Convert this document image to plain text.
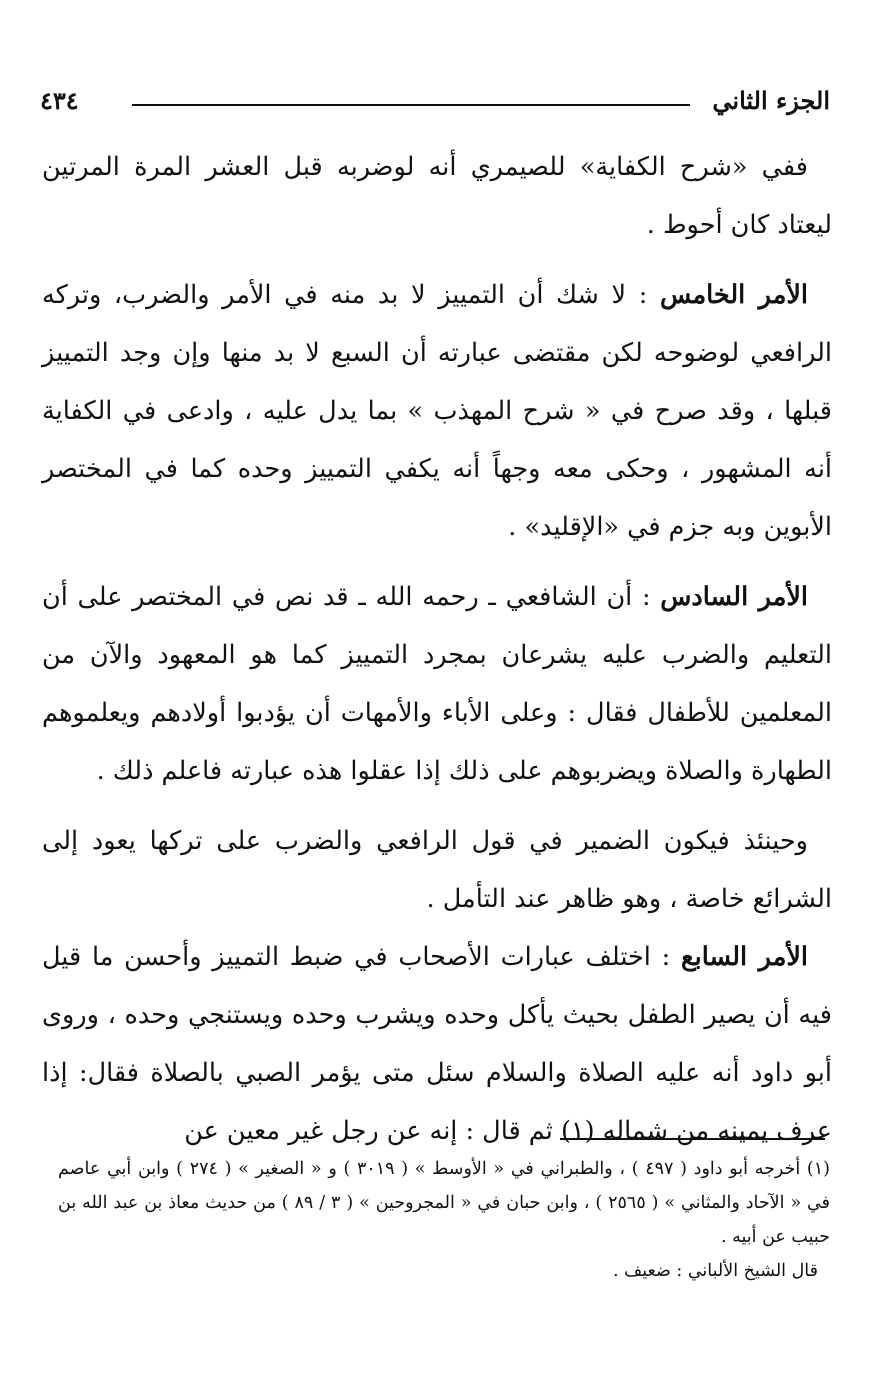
الجزء الثاني
٤٣٤

ففي «شرح الكفاية» للصيمري أنه لوضربه قبل العشر المرة المرتين ليعتاد كان أحوط .

الأمر الخامس : لا شك أن التمييز لا بد منه في الأمر والضرب، وتركه الرافعي لوضوحه لكن مقتضى عبارته أن السبع لا بد منها وإن وجد التمييز قبلها ، وقد صرح في « شرح المهذب » بما يدل عليه ، وادعى في الكفاية أنه المشهور ، وحكى معه وجهاً أنه يكفي التمييز وحده كما في المختصر الأبوين وبه جزم في «الإقليد» .

الأمر السادس : أن الشافعي ـ رحمه الله ـ قد نص في المختصر على أن التعليم والضرب عليه يشرعان بمجرد التمييز كما هو المعهود والآن من المعلمين للأطفال فقال : وعلى الأباء والأمهات أن يؤدبوا أولادهم ويعلموهم الطهارة والصلاة ويضربوهم على ذلك إذا عقلوا هذه عبارته فاعلم ذلك .

وحينئذ فيكون الضمير في قول الرافعي والضرب على تركها يعود إلى الشرائع خاصة ، وهو ظاهر عند التأمل .

الأمر السابع : اختلف عبارات الأصحاب في ضبط التمييز وأحسن ما قيل فيه أن يصير الطفل بحيث يأكل وحده ويشرب وحده ويستنجي وحده ، وروى أبو داود أنه عليه الصلاة والسلام سئل متى يؤمر الصبي بالصلاة فقال: إذا عرف يمينه من شماله (١) ثم قال : إنه عن رجل غير معين عن

(١) أخرجه أبو داود ( ٤٩٧ ) ، والطبراني في « الأوسط » ( ٣٠١٩ ) و « الصغير » ( ٢٧٤ ) وابن أبي عاصم في « الآحاد والمثاني » ( ٢٥٦٥ ) ، وابن حبان في « المجروحين » ( ٣ / ٨٩ ) من حديث معاذ بن عبد الله بن حبيب عن أبيه .

قال الشيخ الألباني : ضعيف .
